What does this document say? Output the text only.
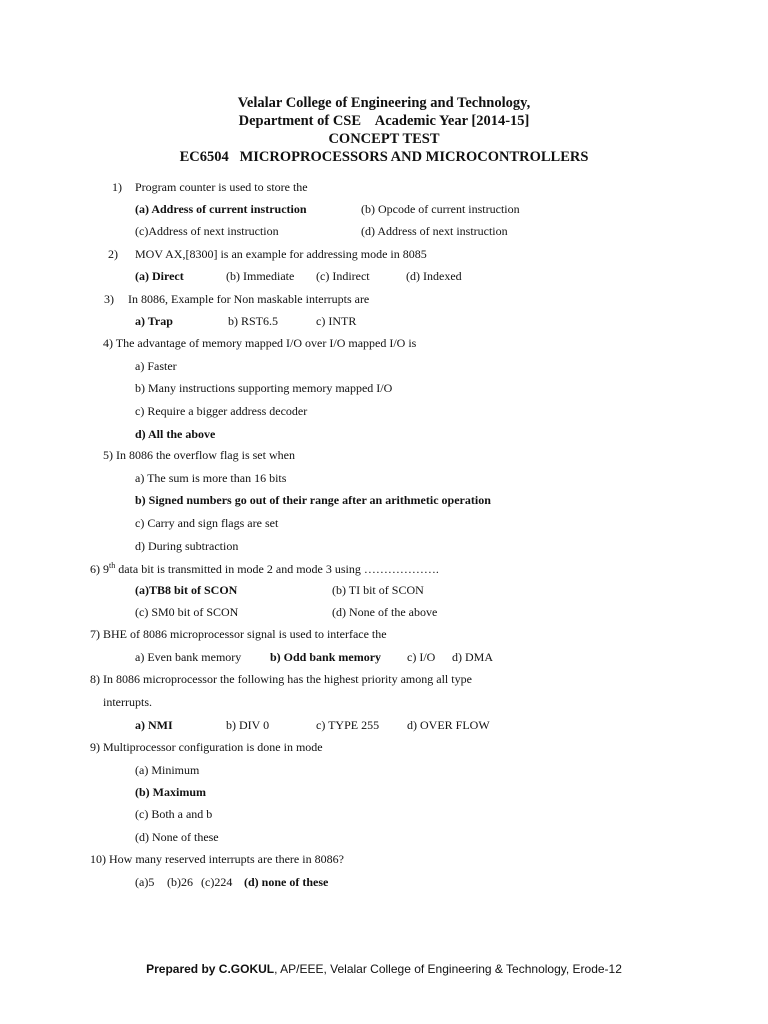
Velalar College of Engineering and Technology,
Department of CSE    Academic Year [2014-15]
CONCEPT TEST
EC6504   MICROPROCESSORS AND MICROCONTROLLERS
1) Program counter is used to store the
(a) Address of current instruction	(b) Opcode of current instruction
(c)Address of next instruction	(d) Address of next instruction
2) MOV AX,[8300] is an example for addressing mode in 8085
(a) Direct	(b) Immediate (c) Indirect	(d) Indexed
3) In 8086, Example for Non maskable interrupts are
a) Trap	b) RST6.5	c) INTR
4) The advantage of memory mapped I/O over I/O mapped I/O is
a) Faster
b) Many instructions supporting memory mapped I/O
c) Require a bigger address decoder
d) All the above
5) In 8086 the overflow flag is set when
a) The sum is more than 16 bits
b) Signed numbers go out of their range after an arithmetic operation
c) Carry and sign flags are set
d) During subtraction
6) 9th data bit is transmitted in mode 2 and mode 3 using ……………….
(a)TB8 bit of SCON	(b) TI bit of SCON
(c) SM0 bit of SCON	(d) None of the above
7) BHE of 8086 microprocessor signal is used to interface the
a) Even bank memory b) Odd bank memory c) I/O d) DMA
8) In 8086 microprocessor the following has the highest priority among all type
interrupts.
a) NMI	b) DIV 0	c) TYPE 255 d) OVER FLOW
9) Multiprocessor configuration is done in mode
(a) Minimum
(b) Maximum
(c) Both a and b
(d) None of these
10) How many reserved interrupts are there in 8086?
(a)5 (b)26 (c)224 (d) none of these
Prepared by C.GOKUL, AP/EEE, Velalar College of Engineering & Technology, Erode-12
